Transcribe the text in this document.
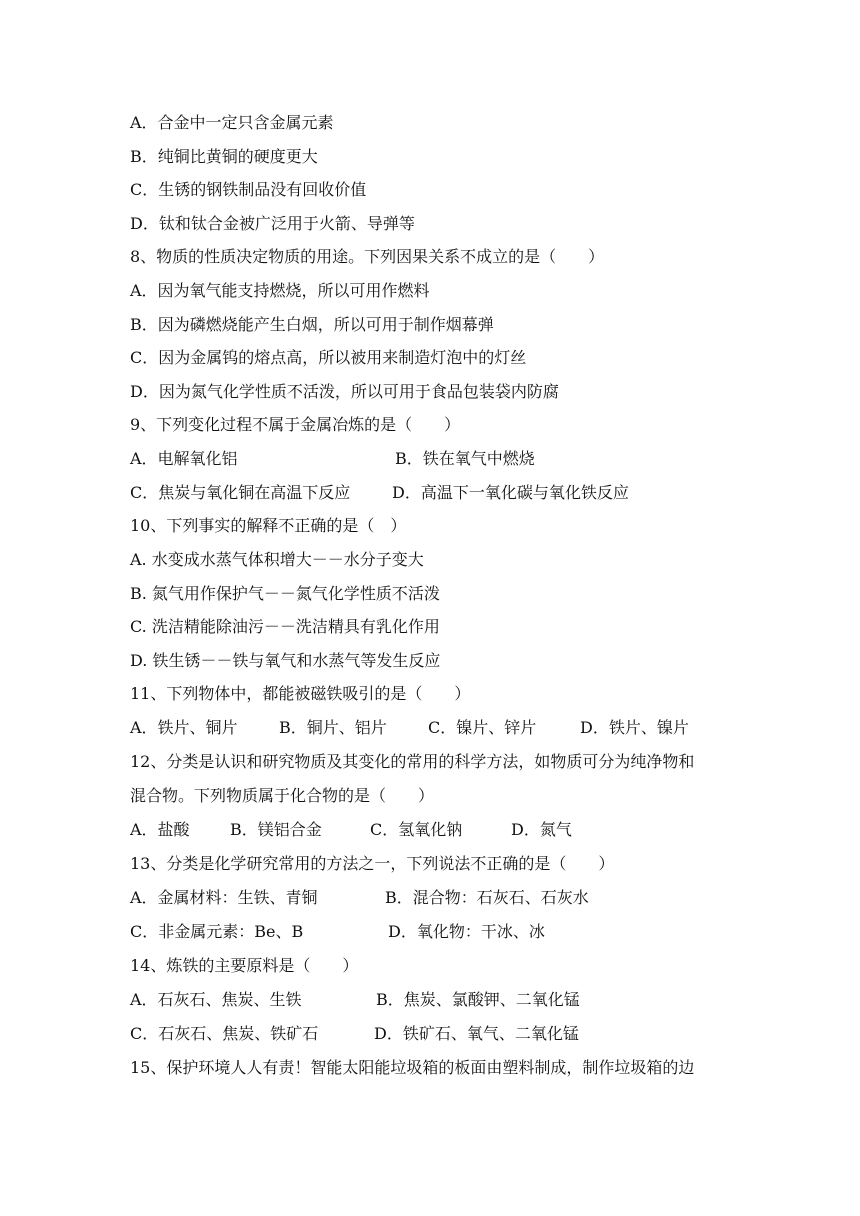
A．合金中一定只含金属元素
B．纯铜比黄铜的硬度更大
C．生锈的钢铁制品没有回收价值
D．钛和钛合金被广泛用于火箭、导弹等
8、物质的性质决定物质的用途。下列因果关系不成立的是（　　）
A．因为氧气能支持燃烧，所以可用作燃料
B．因为磷燃烧能产生白烟，所以可用于制作烟幕弹
C．因为金属钨的熔点高，所以被用来制造灯泡中的灯丝
D．因为氮气化学性质不活泼，所以可用于食品包装袋内防腐
9、下列变化过程不属于金属冶炼的是（　　）
A．电解氧化铝	B．铁在氧气中燃烧
C．焦炭与氧化铜在高温下反应	D．高温下一氧化碳与氧化铁反应
10、下列事实的解释不正确的是（　）
A. 水变成水蒸气体积增大－－水分子变大
B. 氮气用作保护气－－氮气化学性质不活泼
C. 洗洁精能除油污－－洗洁精具有乳化作用
D. 铁生锈－－铁与氧气和水蒸气等发生反应
11、下列物体中，都能被磁铁吸引的是（　　）
A．铁片、铜片	B．铜片、铝片	C．镍片、锌片	D．铁片、镍片
12、分类是认识和研究物质及其变化的常用的科学方法，如物质可分为纯净物和
混合物。下列物质属于化合物的是（　　）
A．盐酸	B．镁铝合金	C．氢氧化钠	D．氮气
13、分类是化学研究常用的方法之一，下列说法不正确的是（　　）
A．金属材料：生铁、青铜	B．混合物：石灰石、石灰水
C．非金属元素：Be、B	D．氧化物：干冰、冰
14、炼铁的主要原料是（　　）
A．石灰石、焦炭、生铁	B．焦炭、氯酸钾、二氧化锰
C．石灰石、焦炭、铁矿石	D．铁矿石、氧气、二氧化锰
15、保护环境人人有责！智能太阳能垃圾箱的板面由塑料制成，制作垃圾箱的边
